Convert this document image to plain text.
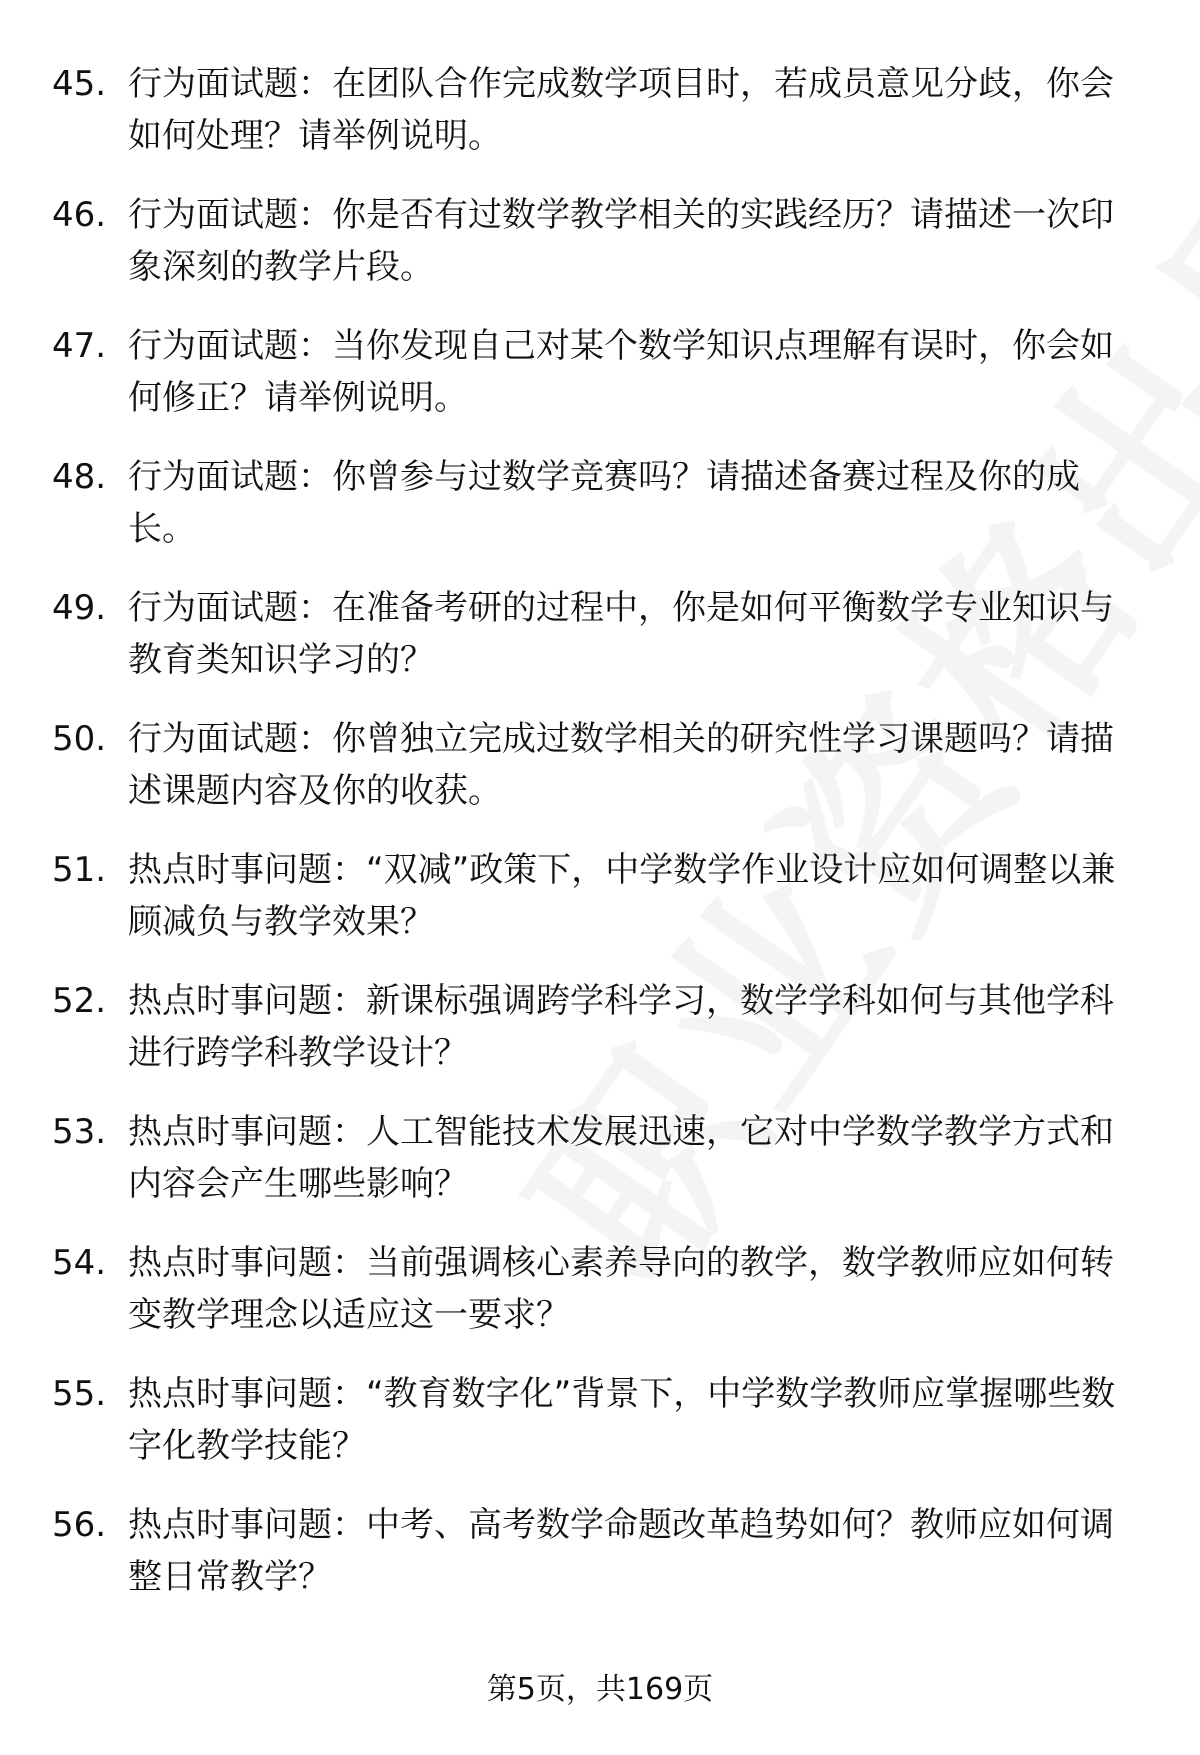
45. 行为面试题：在团队合作完成数学项目时，若成员意见分歧，你会如何处理？请举例说明。
46. 行为面试题：你是否有过数学教学相关的实践经历？请描述一次印象深刻的教学片段。
47. 行为面试题：当你发现自己对某个数学知识点理解有误时，你会如何修正？请举例说明。
48. 行为面试题：你曾参与过数学竞赛吗？请描述备赛过程及你的成长。
49. 行为面试题：在准备考研的过程中，你是如何平衡数学专业知识与教育类知识学习的？
50. 行为面试题：你曾独立完成过数学相关的研究性学习课题吗？请描述课题内容及你的收获。
51. 热点时事问题：“双减”政策下，中学数学作业设计应如何调整以兼顾减负与教学效果？
52. 热点时事问题：新课标强调跨学科学习，数学学科如何与其他学科进行跨学科教学设计？
53. 热点时事问题：人工智能技术发展迅速，它对中学数学教学方式和内容会产生哪些影响？
54. 热点时事问题：当前强调核心素养导向的教学，数学教师应如何转变教学理念以适应这一要求？
55. 热点时事问题：“教育数字化”背景下，中学数学教师应掌握哪些数字化教学技能？
56. 热点时事问题：中考、高考数学命题改革趋势如何？教师应如何调整日常教学？
第5页，共169页
